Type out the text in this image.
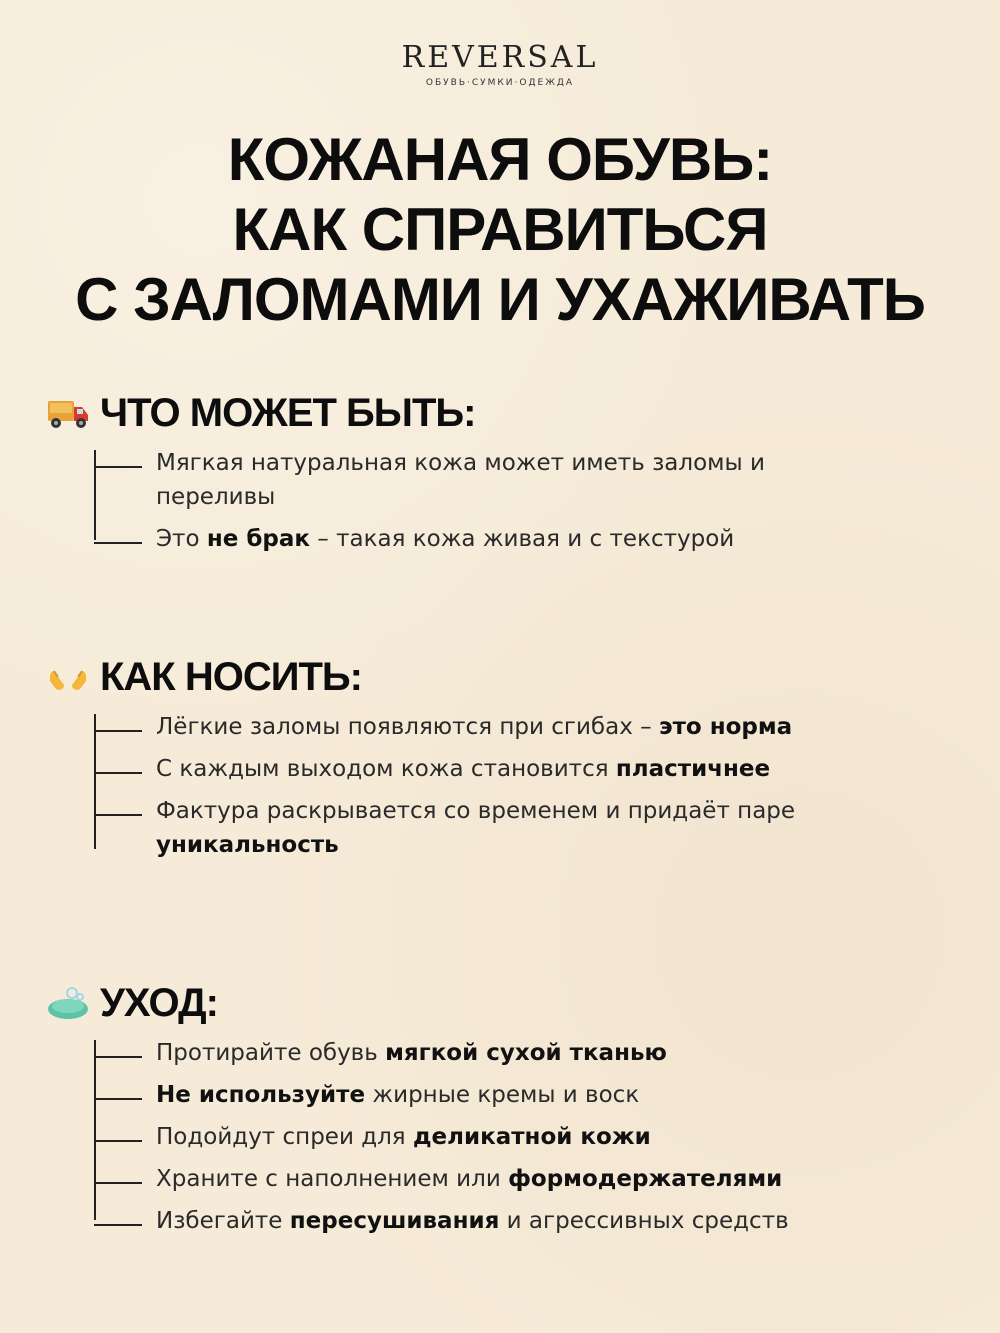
REVERSAL
ОБУВЬ·СУМКИ·ОДЕЖДА
КОЖАНАЯ ОБУВЬ:
КАК СПРАВИТЬСЯ
С ЗАЛОМАМИ И УХАЖИВАТЬ
ЧТО МОЖЕТ БЫТЬ:
Мягкая натуральная кожа может иметь заломы и переливы
Это не брак – такая кожа живая и с текстурой
КАК НОСИТЬ:
Лёгкие заломы появляются при сгибах – это норма
С каждым выходом кожа становится пластичнее
Фактура раскрывается со временем и придаёт паре уникальность
УХОД:
Протирайте обувь мягкой сухой тканью
Не используйте жирные кремы и воск
Подойдут спреи для деликатной кожи
Храните с наполнением или формодержателями
Избегайте пересушивания и агрессивных средств
